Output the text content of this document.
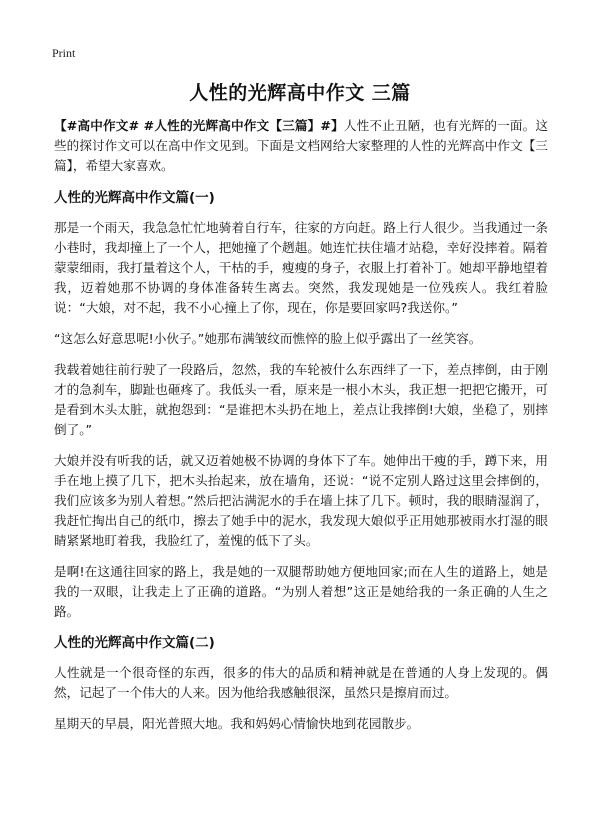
Print
人性的光辉高中作文 三篇

【#高中作文# #人性的光辉高中作文【三篇】#】人性不止丑陋，也有光辉的一面。这些的探讨作文可以在高中作文见到。下面是文档网给大家整理的人性的光辉高中作文【三篇】，希望大家喜欢。

人性的光辉高中作文篇(一)

那是一个雨天，我急急忙忙地骑着自行车，往家的方向赶。路上行人很少。当我通过一条小巷时，我却撞上了一个人，把她撞了个趔趄。她连忙扶住墙才站稳，幸好没摔着。隔着蒙蒙细雨，我打量着这个人，干枯的手，瘦瘦的身子，衣服上打着补丁。她却平静地望着我，迈着她那不协调的身体准备转生离去。突然，我发现她是一位残疾人。我红着脸说：“大娘，对不起，我不小心撞上了你，现在，你是要回家吗?我送你。”

“这怎么好意思呢!小伙子。”她那布满皱纹而憔悴的脸上似乎露出了一丝笑容。

我载着她往前行驶了一段路后，忽然，我的车轮被什么东西绊了一下，差点摔倒，由于刚才的急刹车，脚趾也砸疼了。我低头一看，原来是一根小木头，我正想一把把它搬开，可是看到木头太脏，就抱怨到：“是谁把木头扔在地上，差点让我摔倒!大娘，坐稳了，别摔倒了。”

大娘并没有听我的话，就又迈着她极不协调的身体下了车。她伸出干瘦的手，蹲下来，用手在地上摸了几下，把木头抬起来，放在墙角，还说：“说不定别人路过这里会摔倒的，我们应该多为别人着想。”然后把沾满泥水的手在墙上抹了几下。顿时，我的眼睛湿润了，我赶忙掏出自己的纸巾，擦去了她手中的泥水，我发现大娘似乎正用她那被雨水打湿的眼睛紧紧地盯着我，我脸红了，羞愧的低下了头。

是啊!在这通往回家的路上，我是她的一双腿帮助她方便地回家;而在人生的道路上，她是我的一双眼，让我走上了正确的道路。“为别人着想”这正是她给我的一条正确的人生之路。

人性的光辉高中作文篇(二)

人性就是一个很奇怪的东西，很多的伟大的品质和精神就是在普通的人身上发现的。偶然，记起了一个伟大的人来。因为他给我感触很深，虽然只是擦肩而过。

星期天的早晨，阳光普照大地。我和妈妈心情愉快地到花园散步。
